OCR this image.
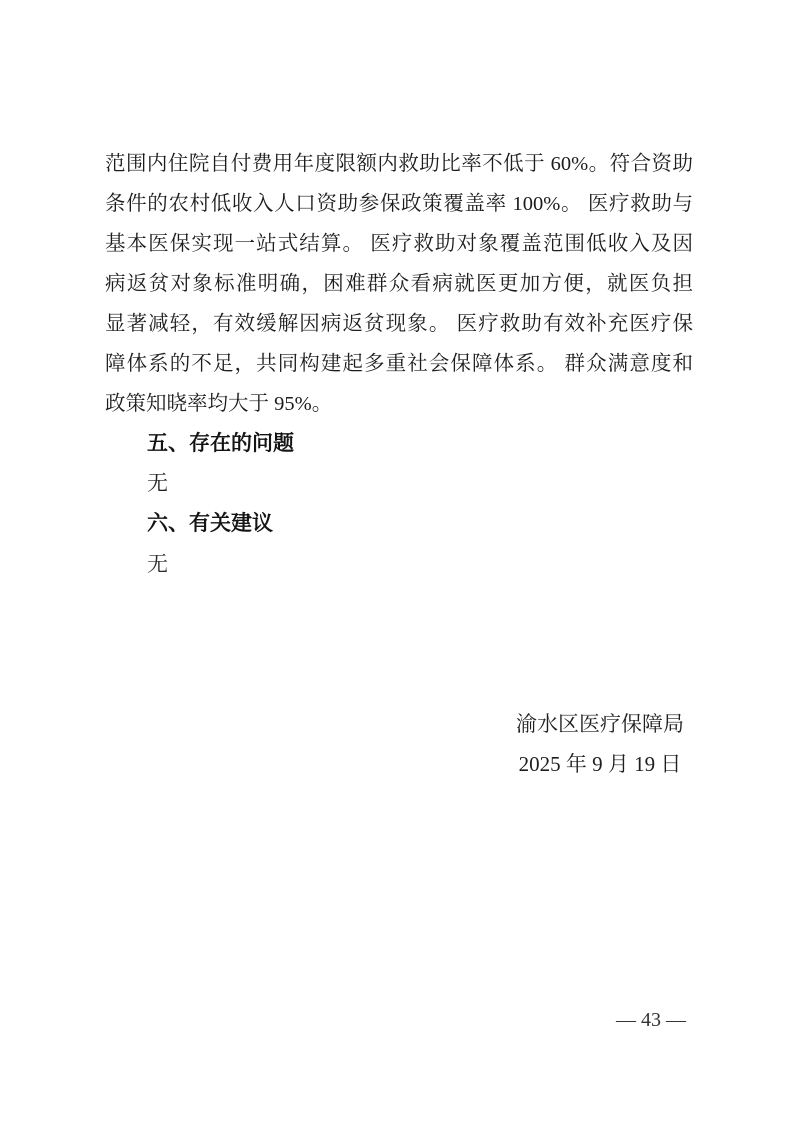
范围内住院自付费用年度限额内救助比率不低于 60%。符合资助
条件的农村低收入人口资助参保政策覆盖率 100%。 医疗救助与
基本医保实现一站式结算。 医疗救助对象覆盖范围低收入及因
病返贫对象标准明确，困难群众看病就医更加方便，就医负担
显著减轻，有效缓解因病返贫现象。 医疗救助有效补充医疗保
障体系的不足，共同构建起多重社会保障体系。 群众满意度和
政策知晓率均大于 95%。
五、存在的问题
无
六、有关建议
无
渝水区医疗保障局
2025 年 9 月 19 日
— 43 —
